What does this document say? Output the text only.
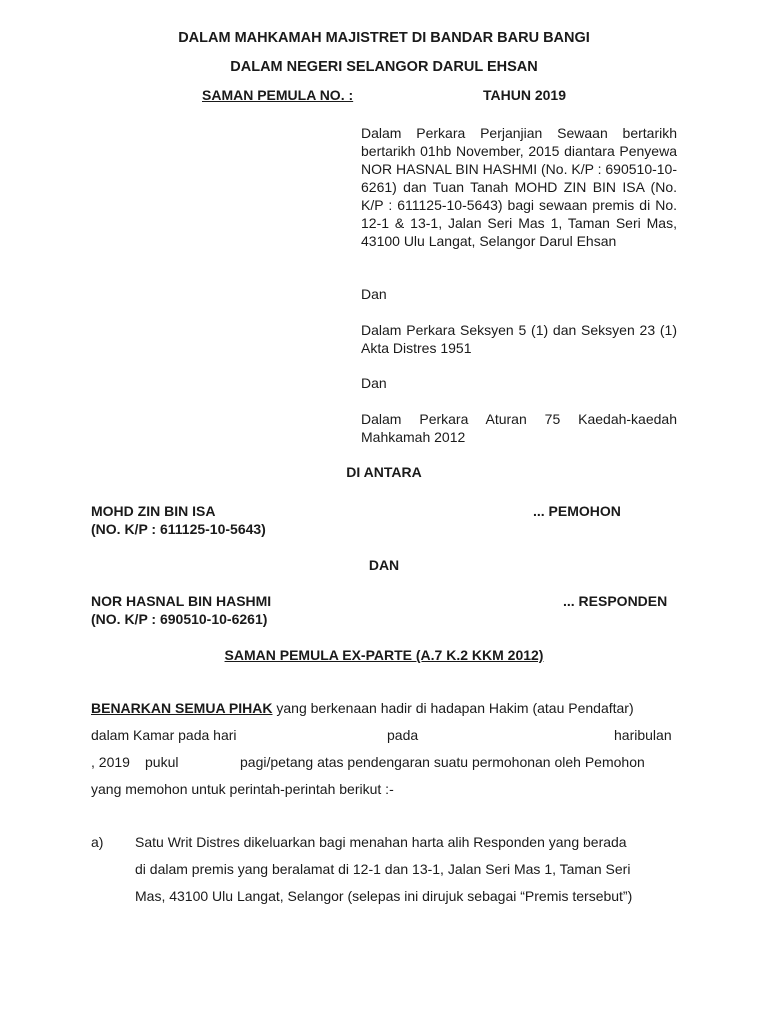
DALAM MAHKAMAH MAJISTRET DI BANDAR BARU BANGI
DALAM NEGERI SELANGOR DARUL EHSAN
SAMAN PEMULA NO. :	TAHUN 2019
Dalam Perkara Perjanjian Sewaan bertarikh bertarikh 01hb November, 2015 diantara Penyewa NOR HASNAL BIN HASHMI (No. K/P : 690510-10-6261) dan Tuan Tanah MOHD ZIN BIN ISA (No. K/P : 611125-10-5643) bagi sewaan premis di No. 12-1 & 13-1, Jalan Seri Mas 1, Taman Seri Mas, 43100 Ulu Langat, Selangor Darul Ehsan
Dan
Dalam Perkara Seksyen 5 (1) dan Seksyen 23 (1) Akta Distres 1951
Dan
Dalam Perkara Aturan 75 Kaedah-kaedah Mahkamah 2012
DI ANTARA
MOHD ZIN BIN ISA
(NO. K/P : 611125-10-5643)
... PEMOHON
DAN
NOR HASNAL BIN HASHMI
(NO. K/P : 690510-10-6261)
... RESPONDEN
SAMAN PEMULA EX-PARTE (A.7 K.2 KKM 2012)
BENARKAN SEMUA PIHAK yang berkenaan hadir di hadapan Hakim (atau Pendaftar)
dalam Kamar pada hari	pada	haribulan
, 2019 pukul	pagi/petang atas pendengaran suatu permohonan oleh Pemohon
yang memohon untuk perintah-perintah berikut :-
a) Satu Writ Distres dikeluarkan bagi menahan harta alih Responden yang berada
di dalam premis yang beralamat di 12-1 dan 13-1, Jalan Seri Mas 1, Taman Seri
Mas, 43100 Ulu Langat, Selangor (selepas ini dirujuk sebagai “Premis tersebut”)
